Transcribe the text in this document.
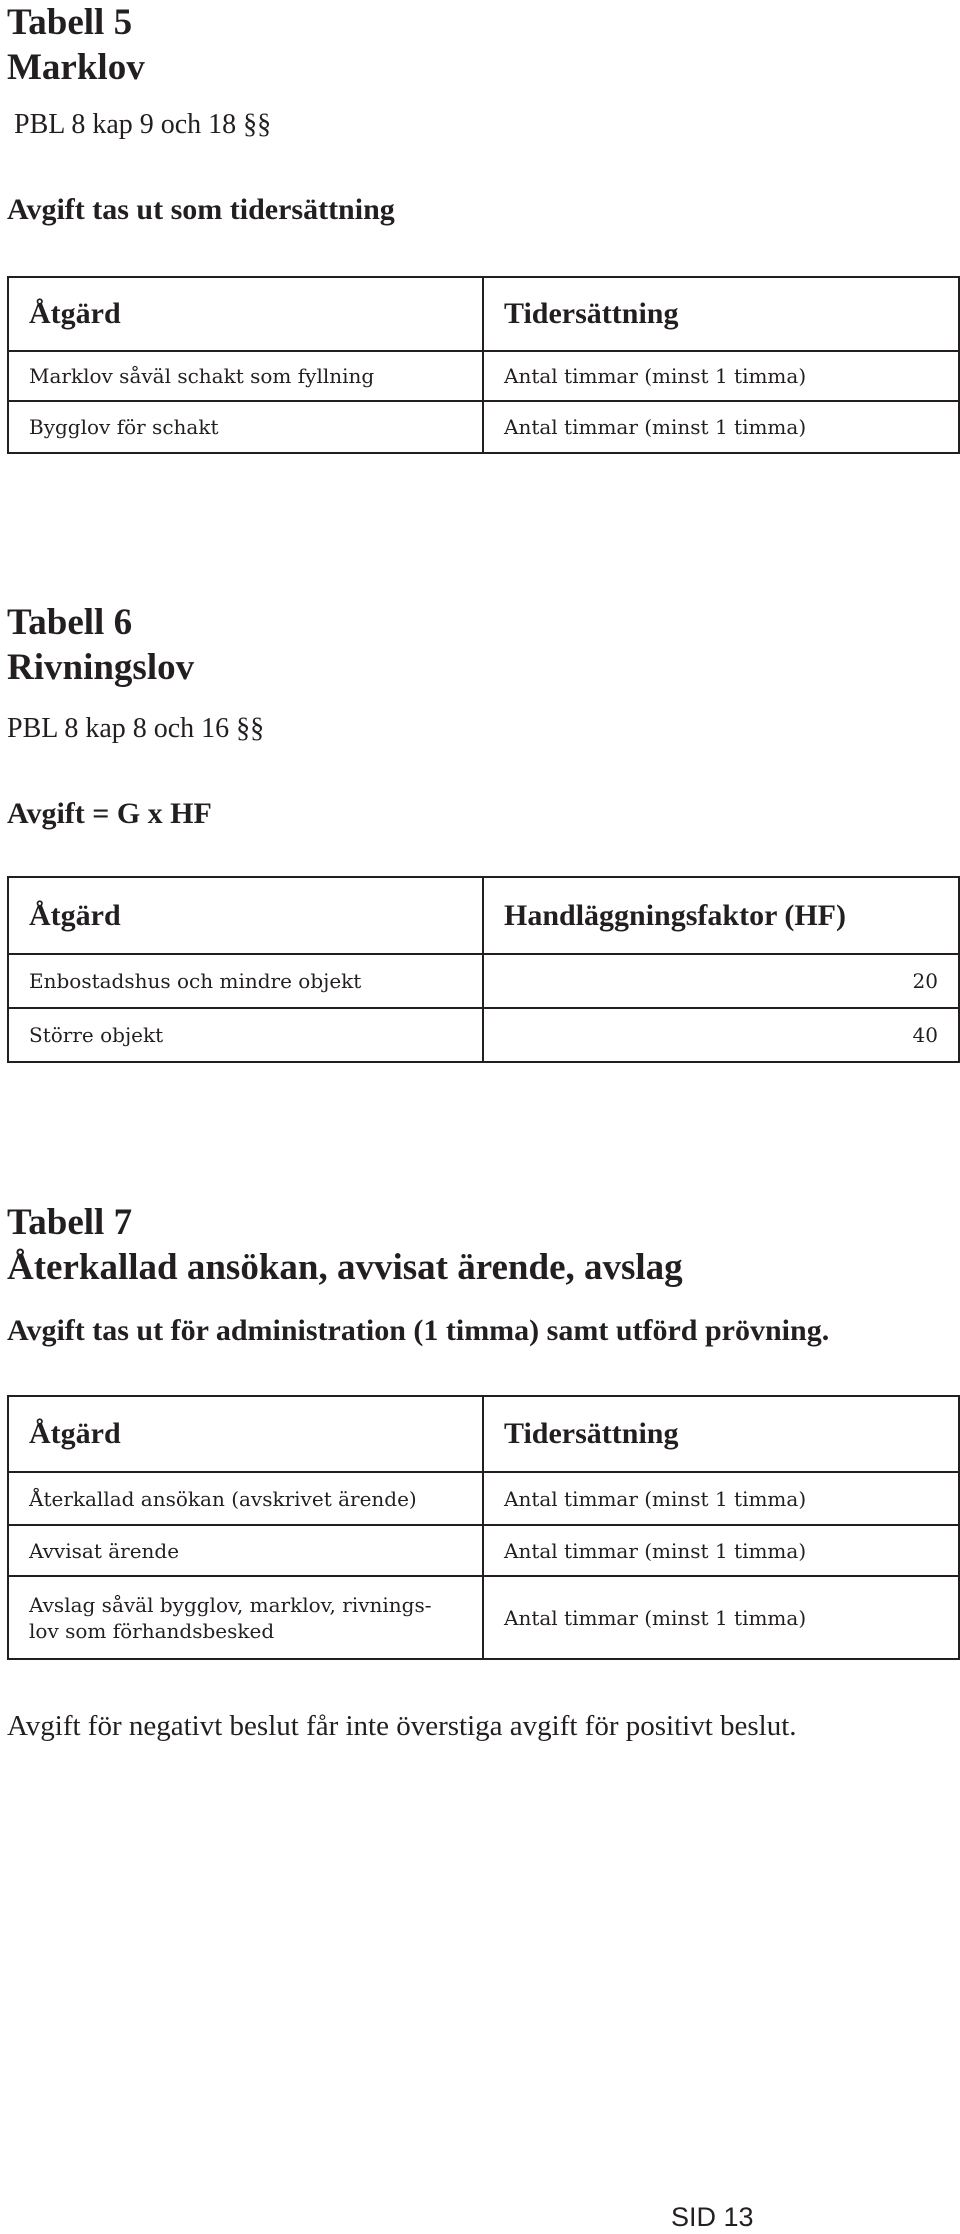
Tabell 5
Marklov
PBL 8 kap 9 och 18 §§
Avgift tas ut som tidersättning
Åtgärd	Tidersättning
Marklov såväl schakt som fyllning	Antal timmar (minst 1 timma)
Bygglov för schakt	Antal timmar (minst 1 timma)
Tabell 6
Rivningslov
PBL 8 kap 8 och 16 §§
Avgift = G x HF
Åtgärd	Handläggningsfaktor (HF)
Enbostadshus och mindre objekt	20
Större objekt	40
Tabell 7
Återkallad ansökan, avvisat ärende, avslag
Avgift tas ut för administration (1 timma) samt utförd prövning.
Åtgärd	Tidersättning
Återkallad ansökan (avskrivet ärende)	Antal timmar (minst 1 timma)
Avvisat ärende	Antal timmar (minst 1 timma)

Avslag såväl bygglov, marklov, rivnings-
lov som förhandsbesked	Antal timmar (minst 1 timma)
Avgift för negativt beslut får inte överstiga avgift för positivt beslut.
SID 13
